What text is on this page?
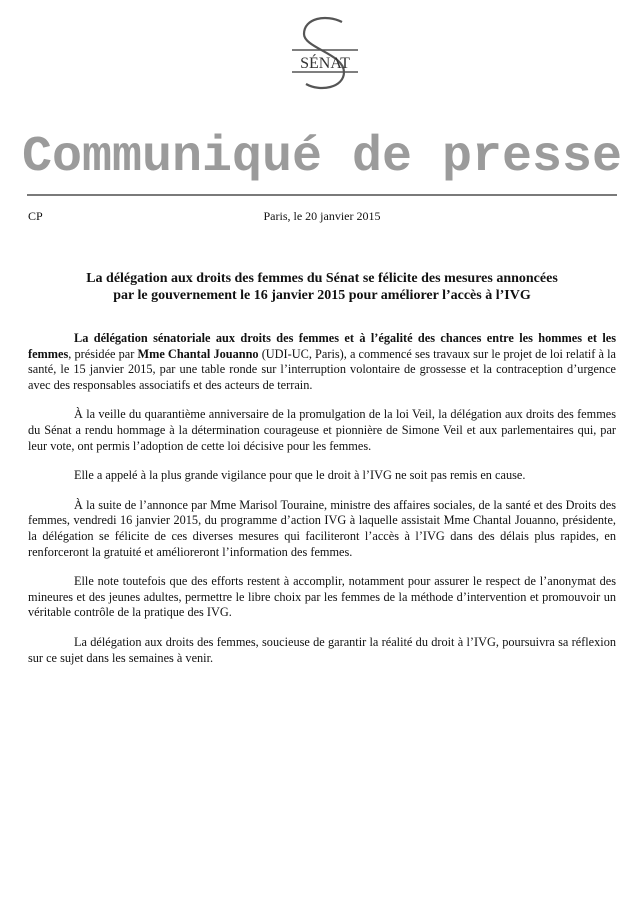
SÉNAT
Communiqué de presse
CP	Paris, le 20 janvier 2015
La délégation aux droits des femmes du Sénat se félicite des mesures annoncées
par le gouvernement le 16 janvier 2015 pour améliorer l’accès à l’IVG

La délégation sénatoriale aux droits des femmes et à l’égalité des chances entre les hommes et les femmes, présidée par Mme Chantal Jouanno (UDI-UC, Paris), a commencé ses travaux sur le projet de loi relatif à la santé, le 15 janvier 2015, par une table ronde sur l’interruption volontaire de grossesse et la contraception d’urgence avec des responsables associatifs et des acteurs de terrain.

À la veille du quarantième anniversaire de la promulgation de la loi Veil, la délégation aux droits des femmes du Sénat a rendu hommage à la détermination courageuse et pionnière de Simone Veil et aux parlementaires qui, par leur vote, ont permis l’adoption de cette loi décisive pour les femmes.

Elle a appelé à la plus grande vigilance pour que le droit à l’IVG ne soit pas remis en cause.

À la suite de l’annonce par Mme Marisol Touraine, ministre des affaires sociales, de la santé et des Droits des femmes, vendredi 16 janvier 2015, du programme d’action IVG à laquelle assistait Mme Chantal Jouanno, présidente, la délégation se félicite de ces diverses mesures qui faciliteront l’accès à l’IVG dans des délais plus rapides, en renforceront la gratuité et amélioreront l’information des femmes.

Elle note toutefois que des efforts restent à accomplir, notamment pour assurer le respect de l’anonymat des mineures et des jeunes adultes, permettre le libre choix par les femmes de la méthode d’intervention et promouvoir un véritable contrôle de la pratique des IVG.

La délégation aux droits des femmes, soucieuse de garantir la réalité du droit à l’IVG, poursuivra sa réflexion sur ce sujet dans les semaines à venir.
